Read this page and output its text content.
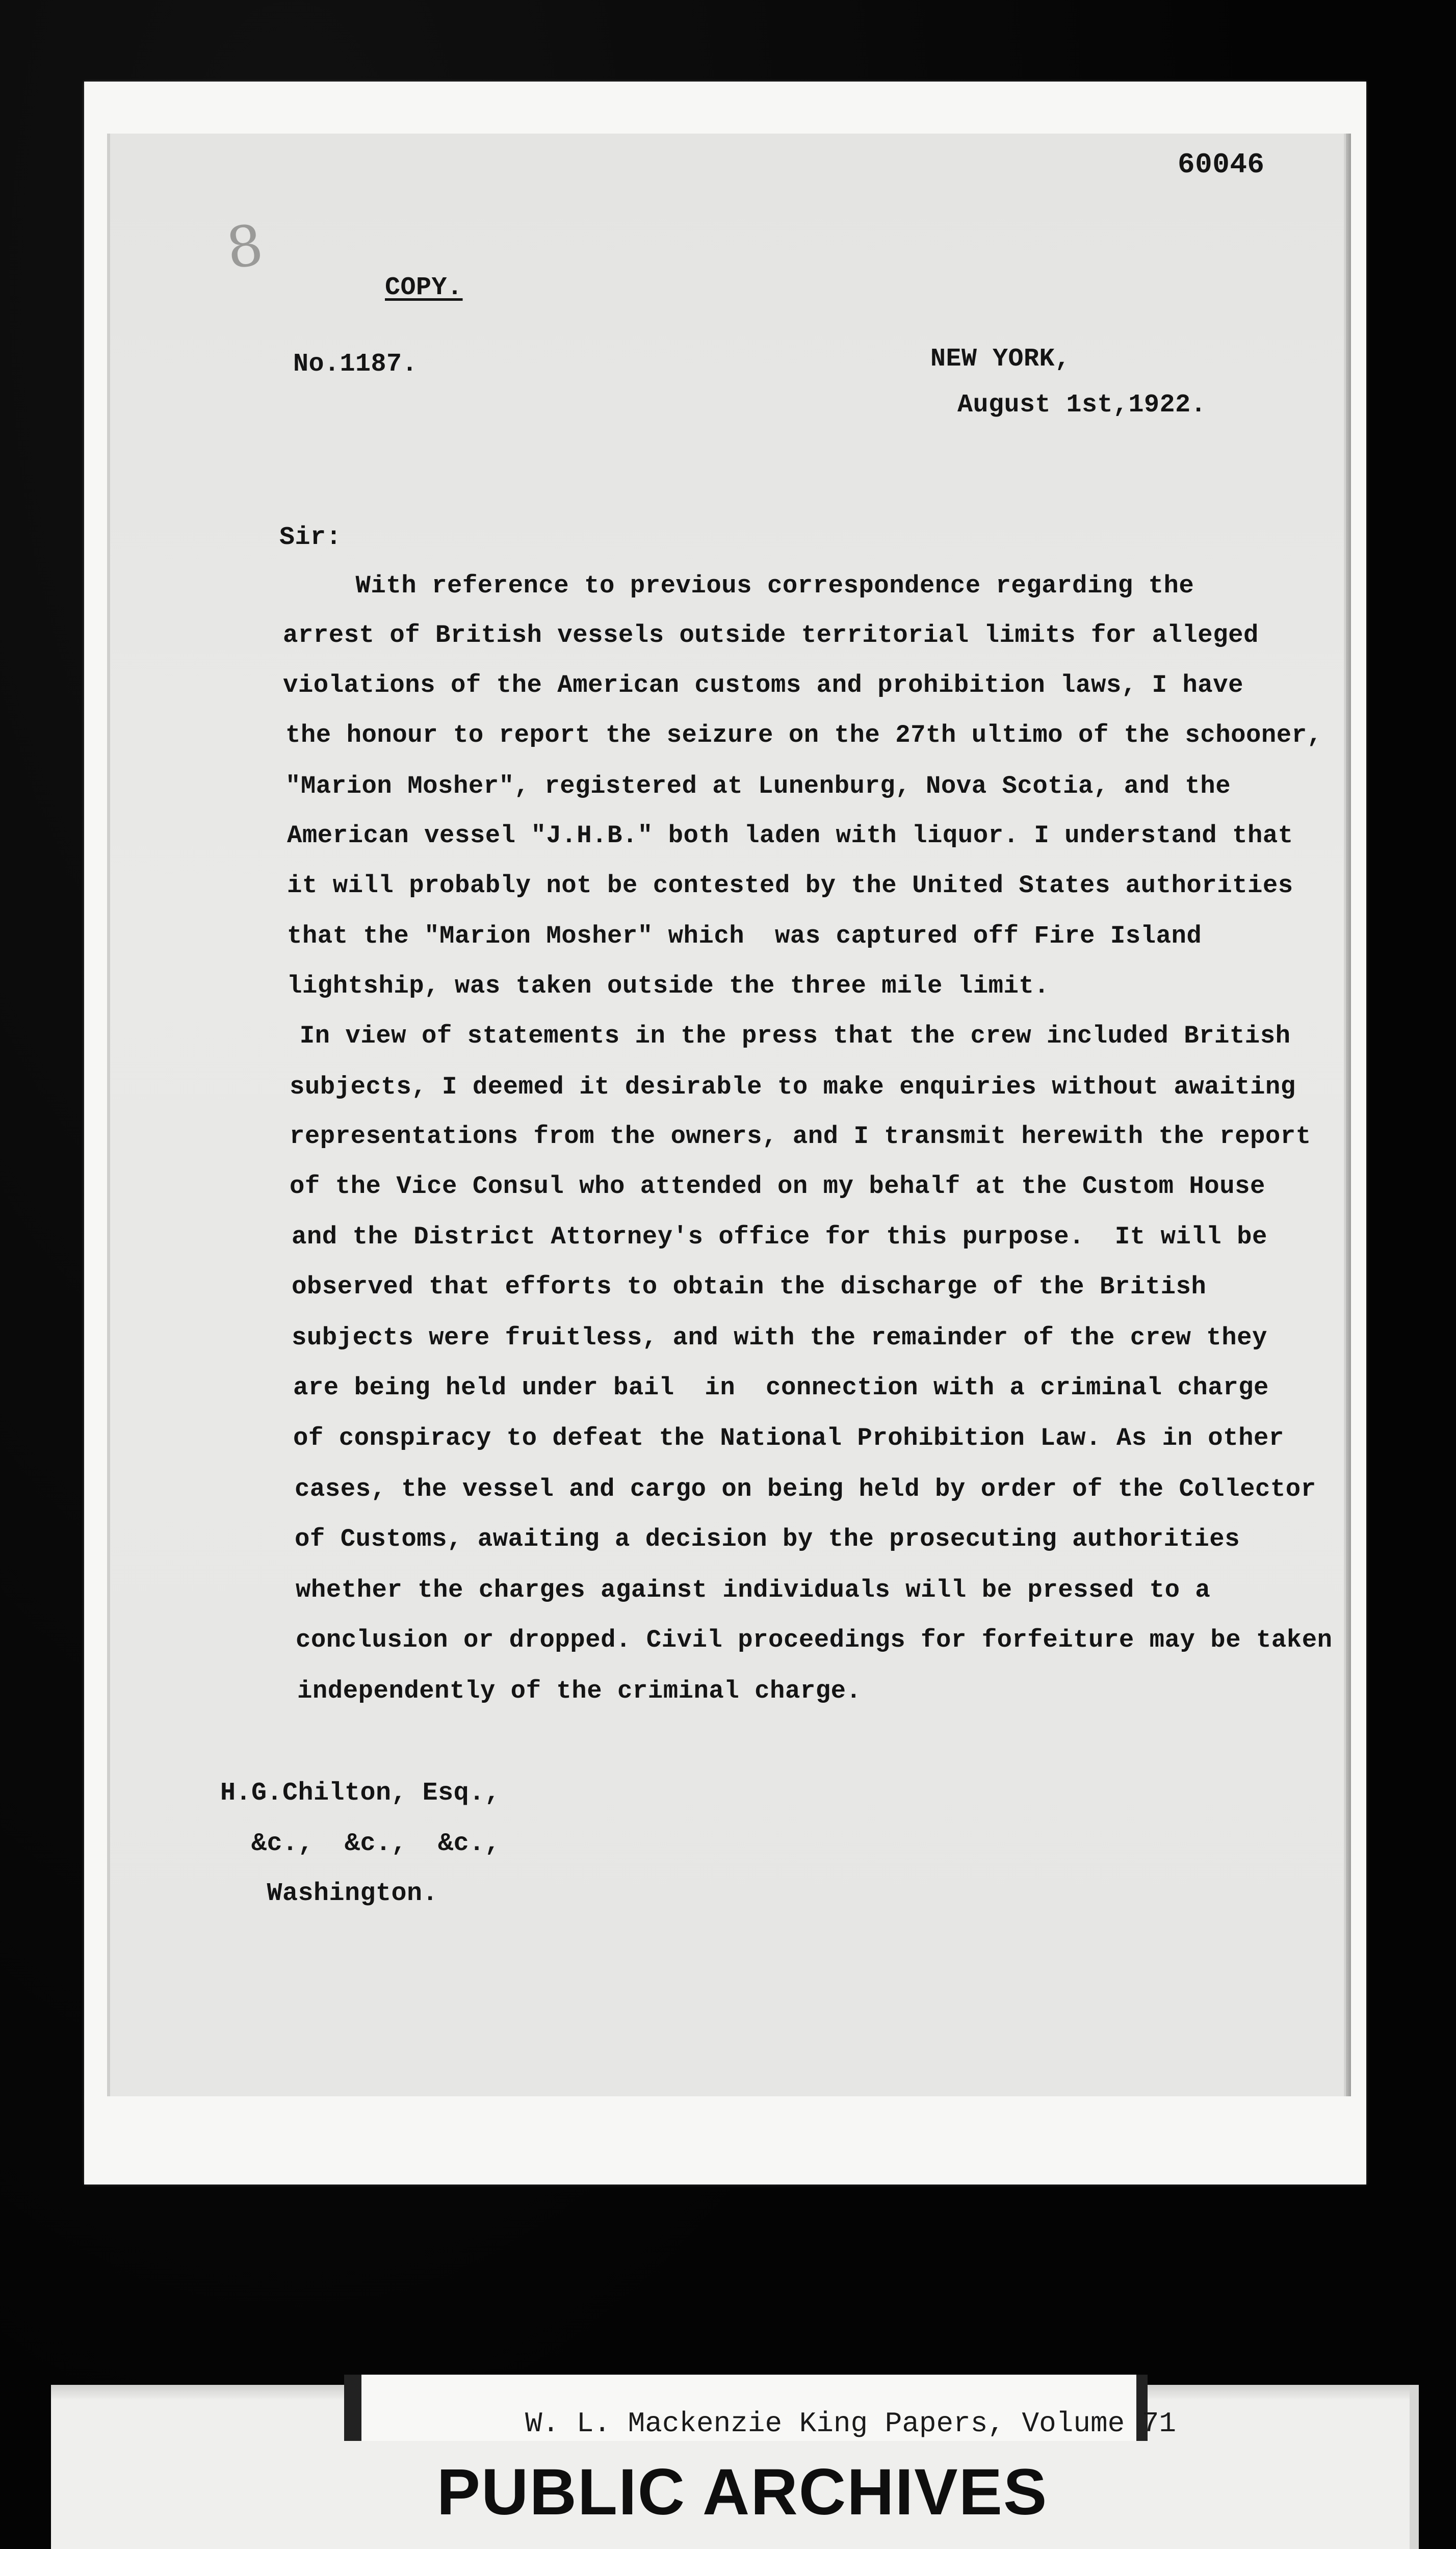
60046
8
COPY.
No.1187.	NEW YORK,
August 1st,1922.
Sir:
With reference to previous correspondence regarding the
arrest of British vessels outside territorial limits for alleged
violations of the American customs and prohibition laws, I have
the honour to report the seizure on the 27th ultimo of the schooner,
"Marion Mosher", registered at Lunenburg, Nova Scotia, and the
American vessel "J.H.B." both laden with liquor. I understand that
it will probably not be contested by the United States authorities
that the "Marion Mosher" which  was captured off Fire Island
lightship, was taken outside the three mile limit.
In view of statements in the press that the crew included British
subjects, I deemed it desirable to make enquiries without awaiting
representations from the owners, and I transmit herewith the report
of the Vice Consul who attended on my behalf at the Custom House
and the District Attorney's office for this purpose.  It will be
observed that efforts to obtain the discharge of the British
subjects were fruitless, and with the remainder of the crew they
are being held under bail  in  connection with a criminal charge
of conspiracy to defeat the National Prohibition Law. As in other
cases, the vessel and cargo on being held by order of the Collector
of Customs, awaiting a decision by the prosecuting authorities
whether the charges against individuals will be pressed to a
conclusion or dropped. Civil proceedings for forfeiture may be taken
independently of the criminal charge.
H.G.Chilton, Esq.,
&c.,  &c.,  &c.,
Washington.
W. L. Mackenzie King Papers, Volume 71
PUBLIC ARCHIVES
